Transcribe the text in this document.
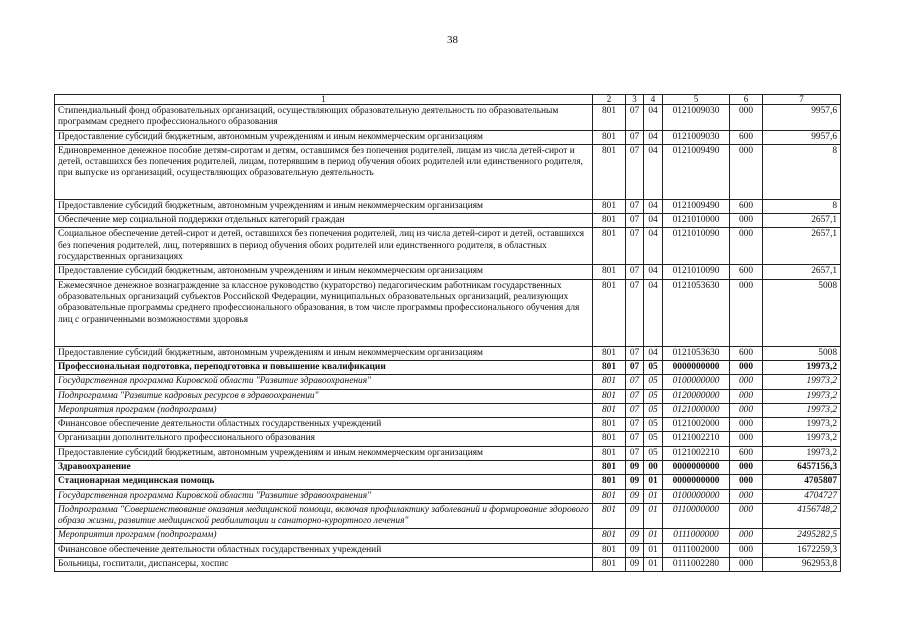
38
1	2	3	4	5	6	7
Стипендиальный фонд образовательных организаций, осуществляющих образовательную деятельность по образовательным программам среднего профессионального образования	801	07	04	0121009030	000	9957,6
Предоставление субсидий бюджетным, автономным учреждениям и иным некоммерческим организациям	801	07	04	0121009030	600	9957,6
Единовременное денежное пособие детям-сиротам и детям, оставшимся без попечения родителей, лицам из числа детей-сирот и детей, оставшихся без попечения родителей, лицам, потерявшим в период обучения обоих родителей или единственного родителя, при выпуске из организаций, осуществляющих образовательную деятельность	801	07	04	0121009490	000	8
Предоставление субсидий бюджетным, автономным учреждениям и иным некоммерческим организациям	801	07	04	0121009490	600	8
Обеспечение мер социальной поддержки отдельных категорий граждан	801	07	04	0121010000	000	2657,1
Социальное обеспечение детей-сирот и детей, оставшихся без попечения родителей, лиц из числа детей-сирот и детей, оставшихся без попечения родителей, лиц, потерявших в период обучения обоих родителей или единственного родителя, в областных государственных организациях	801	07	04	0121010090	000	2657,1
Предоставление субсидий бюджетным, автономным учреждениям и иным некоммерческим организациям	801	07	04	0121010090	600	2657,1
Ежемесячное денежное вознаграждение за классное руководство (кураторство) педагогическим работникам государственных образовательных организаций субъектов Российской Федерации, муниципальных образовательных организаций, реализующих образовательные программы среднего профессионального образования, в том числе программы профессионального обучения для лиц с ограниченными возможностями здоровья	801	07	04	0121053630	000	5008
Предоставление субсидий бюджетным, автономным учреждениям и иным некоммерческим организациям	801	07	04	0121053630	600	5008
Профессиональная подготовка, переподготовка и повышение квалификации	801	07	05	0000000000	000	19973,2
Государственная программа Кировской области "Развитие здравоохранения"	801	07	05	0100000000	000	19973,2
Подпрограмма "Развитие кадровых ресурсов в здравоохранении"	801	07	05	0120000000	000	19973,2
Мероприятия программ (подпрограмм)	801	07	05	0121000000	000	19973,2
Финансовое обеспечение деятельности областных государственных учреждений	801	07	05	0121002000	000	19973,2
Организации дополнительного профессионального образования	801	07	05	0121002210	000	19973,2
Предоставление субсидий бюджетным, автономным учреждениям и иным некоммерческим организациям	801	07	05	0121002210	600	19973,2
Здравоохранение	801	09	00	0000000000	000	6457156,3
Стационарная медицинская помощь	801	09	01	0000000000	000	4705807
Государственная программа Кировской области "Развитие здравоохранения"	801	09	01	0100000000	000	4704727
Подпрограмма "Совершенствование оказания медицинской помощи, включая профилактику заболеваний и формирование здорового образа жизни, развитие медицинской реабилитации и санаторно-курортного лечения"	801	09	01	0110000000	000	4156748,2
Мероприятия программ (подпрограмм)	801	09	01	0111000000	000	2495282,5
Финансовое обеспечение деятельности областных государственных учреждений	801	09	01	0111002000	000	1672259,3
Больницы, госпитали, диспансеры, хоспис	801	09	01	0111002280	000	962953,8
